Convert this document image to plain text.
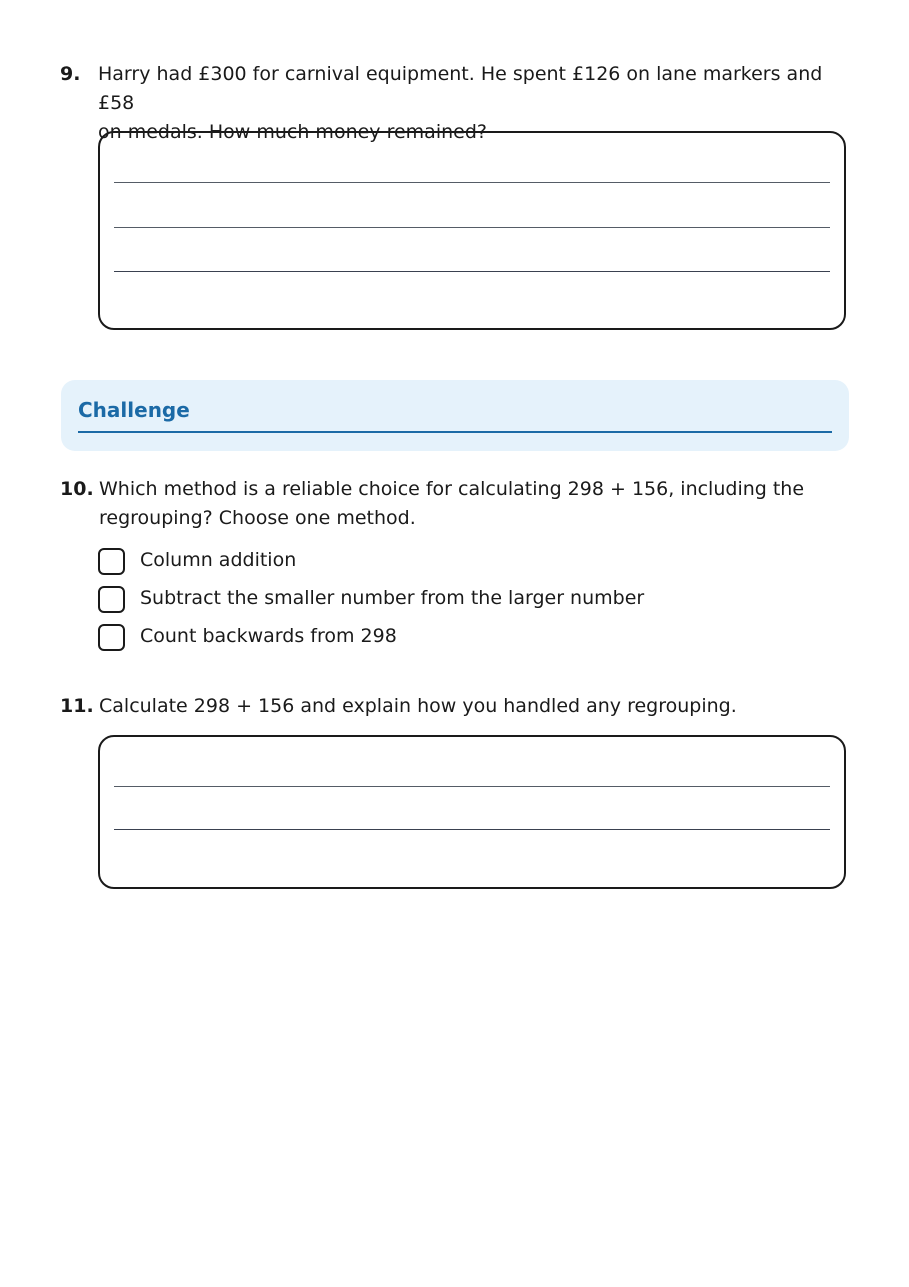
9. Harry had £300 for carnival equipment. He spent £126 on lane markers and £58
on medals. How much money remained?
Challenge
10. Which method is a reliable choice for calculating 298 + 156, including the
regrouping? Choose one method.
Column addition
Subtract the smaller number from the larger number
Count backwards from 298
11. Calculate 298 + 156 and explain how you handled any regrouping.
